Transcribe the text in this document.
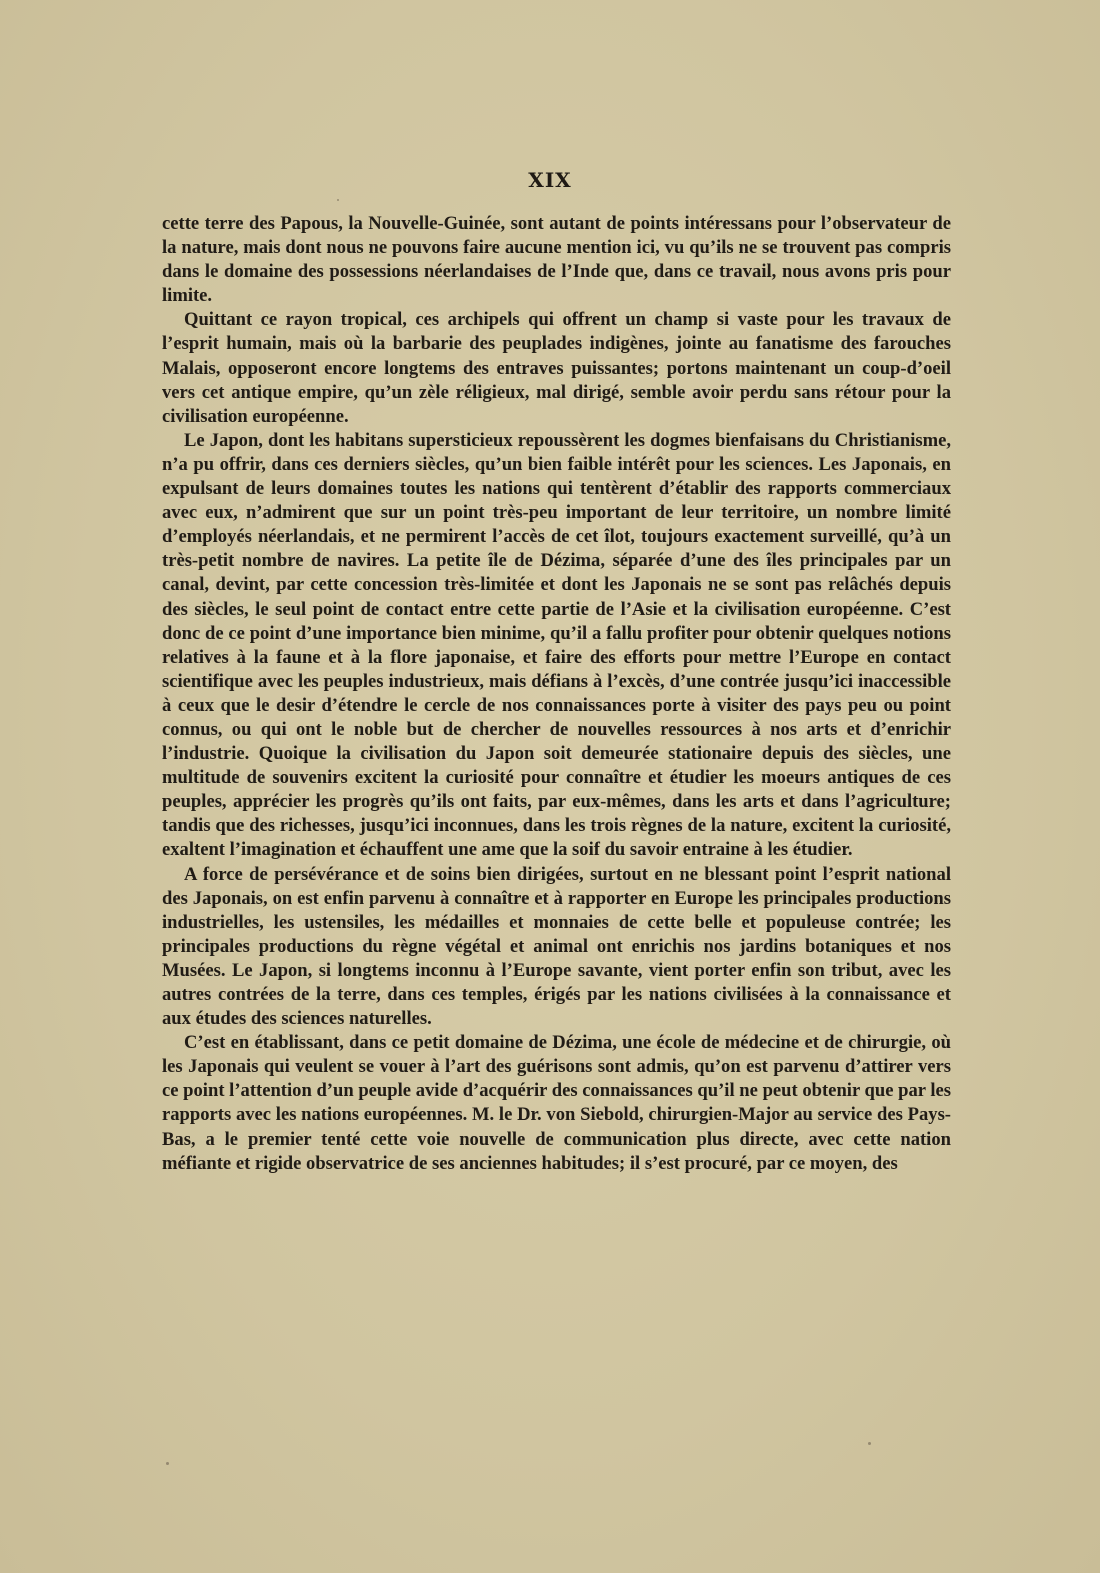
XIX

cette terre des Papous, la Nouvelle-Guinée, sont autant de points intéressans pour l’observateur de la nature, mais dont nous ne pouvons faire aucune mention ici, vu qu’ils ne se trouvent pas compris dans le domaine des possessions néerlandaises de l’Inde que, dans ce travail, nous avons pris pour limite.

Quittant ce rayon tropical, ces archipels qui offrent un champ si vaste pour les travaux de l’esprit humain, mais où la barbarie des peuplades indigènes, jointe au fanatisme des farouches Malais, opposeront encore longtems des entraves puissantes; portons maintenant un coup-d’oeil vers cet antique empire, qu’un zèle réligieux, mal dirigé, semble avoir perdu sans rétour pour la civilisation européenne.

Le Japon, dont les habitans supersticieux repoussèrent les dogmes bienfaisans du Christianisme, n’a pu offrir, dans ces derniers siècles, qu’un bien faible intérêt pour les sciences. Les Japonais, en expulsant de leurs domaines toutes les nations qui tentèrent d’établir des rapports commerciaux avec eux, n’admirent que sur un point très-peu important de leur territoire, un nombre limité d’employés néerlandais, et ne permirent l’accès de cet îlot, toujours exactement surveillé, qu’à un très-petit nombre de navires. La petite île de Dézima, séparée d’une des îles principales par un canal, devint, par cette concession très-limitée et dont les Japonais ne se sont pas relâchés depuis des siècles, le seul point de contact entre cette partie de l’Asie et la civilisation européenne. C’est donc de ce point d’une importance bien minime, qu’il a fallu profiter pour obtenir quelques notions relatives à la faune et à la flore japonaise, et faire des efforts pour mettre l’Europe en contact scientifique avec les peuples industrieux, mais défians à l’excès, d’une contrée jusqu’ici inaccessible à ceux que le desir d’étendre le cercle de nos connaissances porte à visiter des pays peu ou point connus, ou qui ont le noble but de chercher de nouvelles ressources à nos arts et d’enrichir l’industrie. Quoique la civilisation du Japon soit demeurée stationaire depuis des siècles, une multitude de souvenirs excitent la curiosité pour connaître et étudier les moeurs antiques de ces peuples, apprécier les progrès qu’ils ont faits, par eux-mêmes, dans les arts et dans l’agriculture; tandis que des richesses, jusqu’ici inconnues, dans les trois règnes de la nature, excitent la curiosité, exaltent l’imagination et échauffent une ame que la soif du savoir entraine à les étudier.

A force de persévérance et de soins bien dirigées, surtout en ne blessant point l’esprit national des Japonais, on est enfin parvenu à connaître et à rapporter en Europe les principales productions industrielles, les ustensiles, les médailles et monnaies de cette belle et populeuse contrée; les principales productions du règne végétal et animal ont enrichis nos jardins botaniques et nos Musées. Le Japon, si longtems inconnu à l’Europe savante, vient porter enfin son tribut, avec les autres contrées de la terre, dans ces temples, érigés par les nations civilisées à la connaissance et aux études des sciences naturelles.

C’est en établissant, dans ce petit domaine de Dézima, une école de médecine et de chirurgie, où les Japonais qui veulent se vouer à l’art des guérisons sont admis, qu’on est parvenu d’attirer vers ce point l’attention d’un peuple avide d’acquérir des connaissances qu’il ne peut obtenir que par les rapports avec les nations européennes. M. le Dr. von Siebold, chirurgien-Major au service des Pays-Bas, a le premier tenté cette voie nouvelle de communication plus directe, avec cette nation méfiante et rigide observatrice de ses anciennes habitudes; il s’est procuré, par ce moyen, des
